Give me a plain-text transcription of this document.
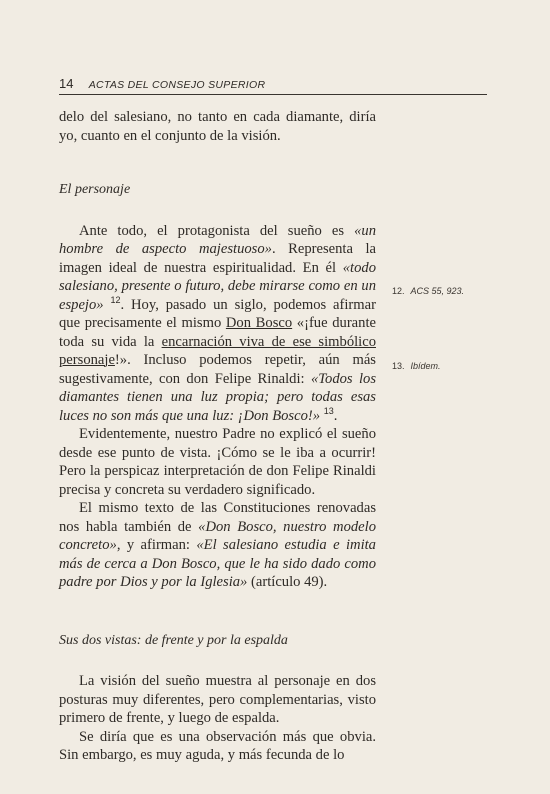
14 ACTAS DEL CONSEJO SUPERIOR

delo del salesiano, no tanto en cada diamante, diría yo, cuanto en el conjunto de la visión.

El personaje

Ante todo, el protagonista del sueño es «un hombre de aspecto majestuoso». Representa la imagen ideal de nuestra espiritualidad. En él «todo salesiano, presente o futuro, debe mirarse como en un espejo» $^{12}$. Hoy, pasado un siglo, podemos afirmar que precisamente el mismo Don Bosco «¡fue durante toda su vida la encarnación viva de ese simbólico personaje!». Incluso podemos repetir, aún más sugestivamente, con don Felipe Rinaldi: «Todos los diamantes tienen una luz propia; pero todas esas luces no son más que una luz: ¡Don Bosco!» $^{13}$.

Evidentemente, nuestro Padre no explicó el sueño desde ese punto de vista. ¡Cómo se le iba a ocurrir! Pero la perspicaz interpretación de don Felipe Rinaldi precisa y concreta su verdadero significado.

El mismo texto de las Constituciones renovadas nos habla también de «Don Bosco, nuestro modelo concreto», y afirman: «El salesiano estudia e imita más de cerca a Don Bosco, que le ha sido dado como padre por Dios y por la Iglesia» (artículo 49).

Sus dos vistas: de frente y por la espalda

La visión del sueño muestra al personaje en dos posturas muy diferentes, pero complementarias, visto primero de frente, y luego de espalda.

Se diría que es una observación más que obvia. Sin embargo, es muy aguda, y más fecunda de lo

12. ACS 55, 923.
13. Ibídem.
